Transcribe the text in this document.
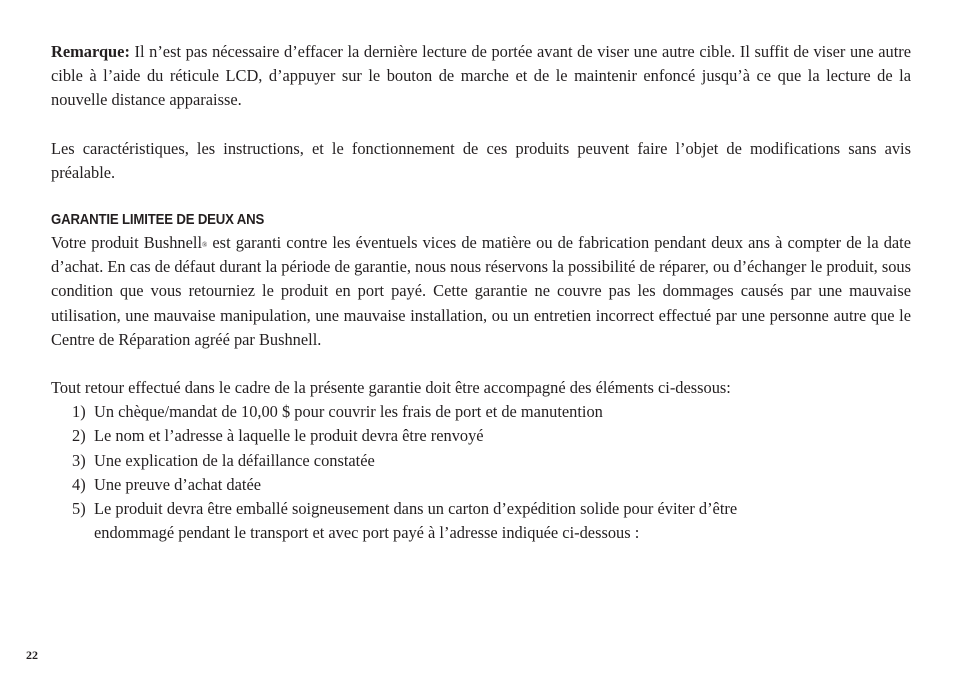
Remarque: Il n’est pas nécessaire d’effacer la dernière lecture de portée avant de viser une autre cible. Il suffit de viser une autre cible à l’aide du réticule LCD, d’appuyer sur le bouton de marche et de le maintenir enfoncé jusqu’à ce que la lecture de la nouvelle distance apparaisse.

Les caractéristiques, les instructions, et le fonctionnement de ces produits peuvent faire l’objet de modifications sans avis préalable.

GARANTIE LIMITEE DE DEUX ANS

Votre produit Bushnell® est garanti contre les éventuels vices de matière ou de fabrication pendant deux ans à compter de la date d’achat. En cas de défaut durant la période de garantie, nous nous réservons la possibilité de réparer, ou d’échanger le produit, sous condition que vous retourniez le produit en port payé. Cette garantie ne couvre pas les dommages causés par une mauvaise utilisation, une mauvaise manipulation, une mauvaise installation, ou un entretien incorrect effectué par une personne autre que le Centre de Réparation agréé par Bushnell.

Tout retour effectué dans le cadre de la présente garantie doit être accompagné des éléments ci-dessous:

1) Un chèque/mandat de 10,00 $ pour couvrir les frais de port et de manutention
2) Le nom et l’adresse à laquelle le produit devra être renvoyé
3) Une explication de la défaillance constatée
4) Une preuve d’achat datée
5) Le produit devra être emballé soigneusement dans un carton d’expédition solide pour éviter d’être endommagé pendant le transport et avec port payé à l’adresse indiquée ci-dessous :
22
